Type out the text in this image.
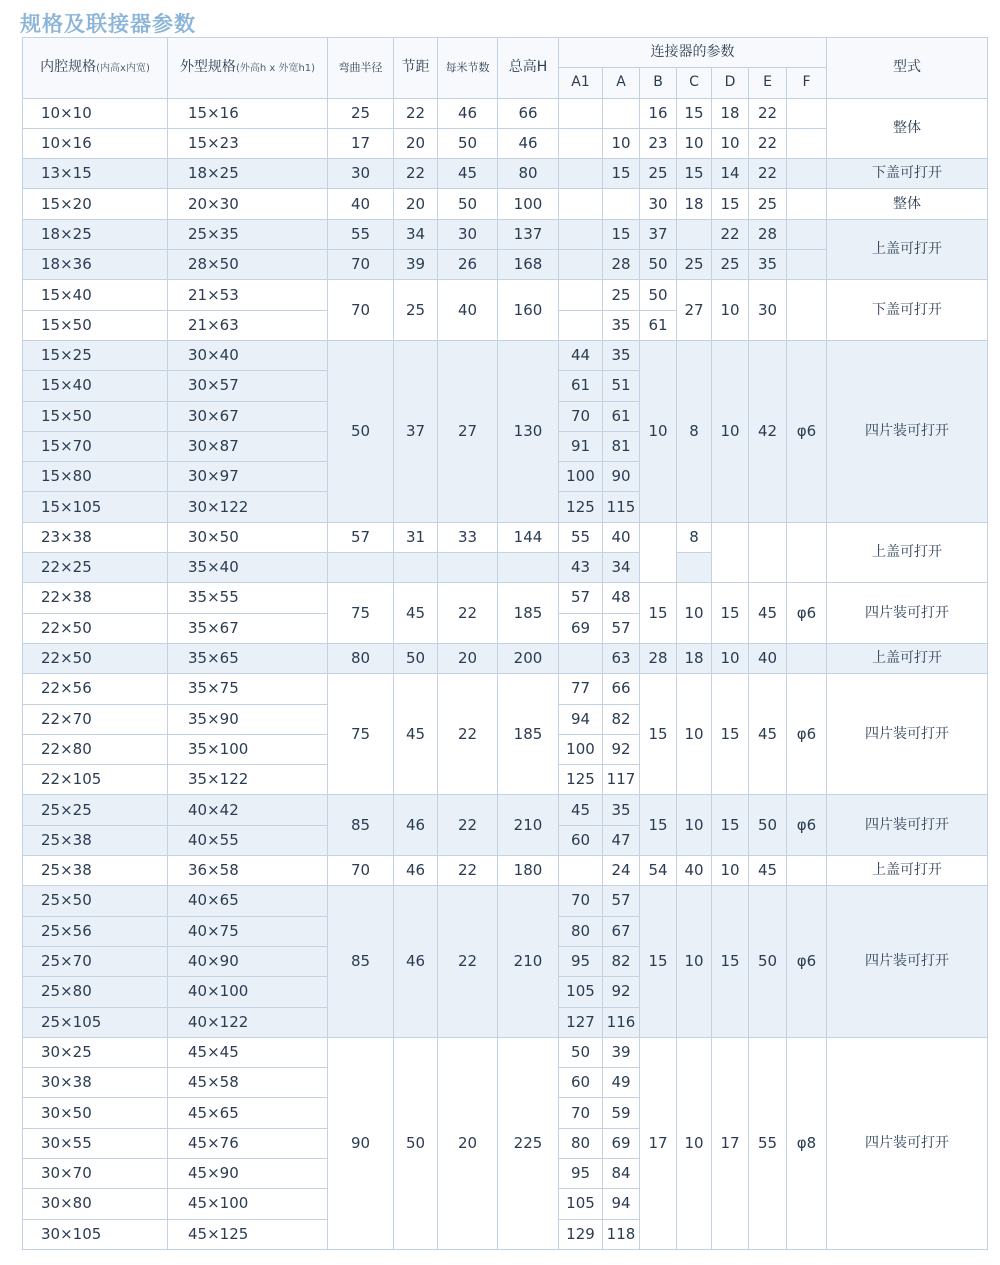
规格及联接器参数
内腔规格(内高x内宽)	外型规格(外高h x 外宽h1)	弯曲半径	节距	每米节数	总高H	连接器的参数							型式
						A1	A	B	C	D	E	F	
10×10	15×16	25	22	46	66			16	15	18	22		整体
10×16	15×23	17	20	50	46		10	23	10	10	22		
13×15	18×25	30	22	45	80		15	25	15	14	22		下盖可打开
15×20	20×30	40	20	50	100			30	18	15	25		整体
18×25	25×35	55	34	30	137		15	37		22	28		上盖可打开
18×36	28×50	70	39	26	168		28	50	25	25	35		
15×40	21×53	70	25	40	160		25	50	27	10	30		下盖可打开
15×50	21×63						35	61					
15×25	30×40	50	37	27	130	44	35	10	8	10	42	φ6	四片装可打开
15×40	30×57					61	51						
15×50	30×67					70	61						
15×70	30×87					91	81						
15×80	30×97					100	90						
15×105	30×122					125	115						
23×38	30×50	57	31	33	144	55	40		8				上盖可打开
22×25	35×40					43	34						
22×38	35×55	75	45	22	185	57	48	15	10	15	45	φ6	四片装可打开
22×50	35×67					69	57						
22×50	35×65	80	50	20	200		63	28	18	10	40		上盖可打开
22×56	35×75	75	45	22	185	77	66	15	10	15	45	φ6	四片装可打开
22×70	35×90					94	82						
22×80	35×100					100	92						
22×105	35×122					125	117						
25×25	40×42	85	46	22	210	45	35	15	10	15	50	φ6	四片装可打开
25×38	40×55					60	47						
25×38	36×58	70	46	22	180		24	54	40	10	45		上盖可打开
25×50	40×65	85	46	22	210	70	57	15	10	15	50	φ6	四片装可打开
25×56	40×75					80	67						
25×70	40×90					95	82						
25×80	40×100					105	92						
25×105	40×122					127	116						
30×25	45×45	90	50	20	225	50	39	17	10	17	55	φ8	四片装可打开
30×38	45×58					60	49						
30×50	45×65					70	59						
30×55	45×76					80	69						
30×70	45×90					95	84						
30×80	45×100					105	94						
30×105	45×125					129	118						
